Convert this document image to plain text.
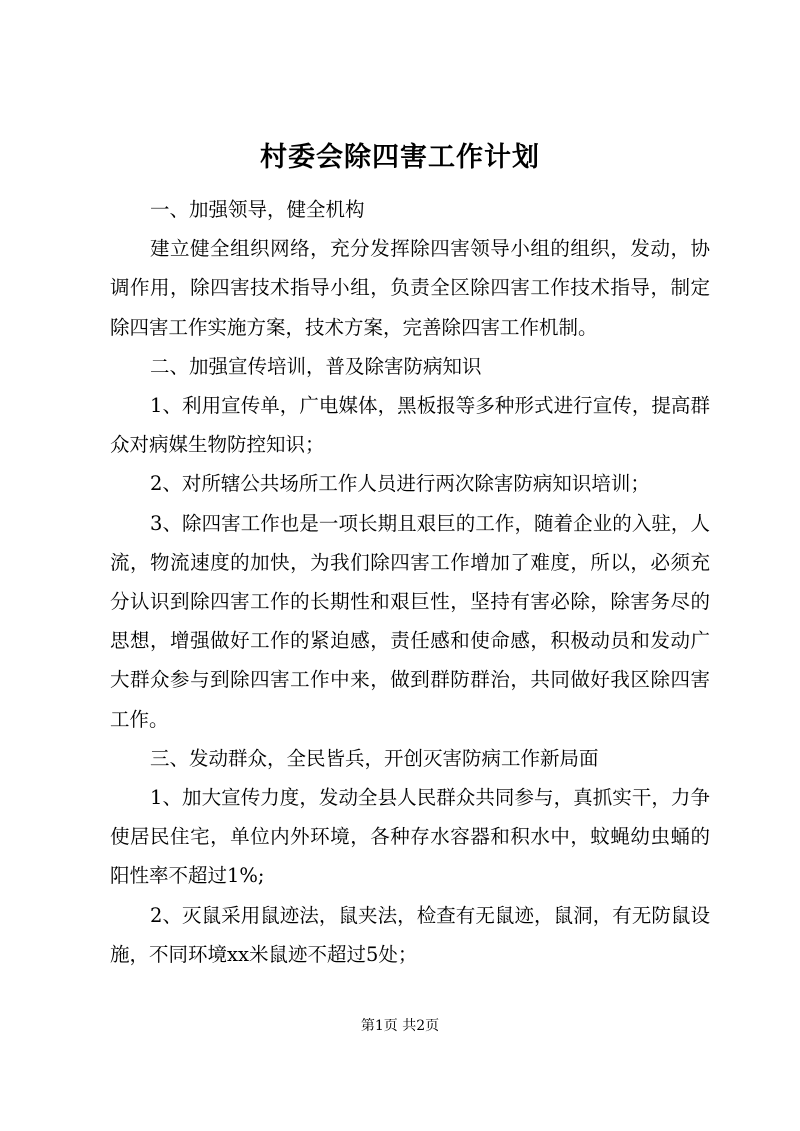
村委会除四害工作计划

一、加强领导，健全机构

建立健全组织网络，充分发挥除四害领导小组的组织，发动，协调作用，除四害技术指导小组，负责全区除四害工作技术指导，制定除四害工作实施方案，技术方案，完善除四害工作机制。

二、加强宣传培训，普及除害防病知识

1、利用宣传单，广电媒体，黑板报等多种形式进行宣传，提高群众对病媒生物防控知识；

2、对所辖公共场所工作人员进行两次除害防病知识培训；

3、除四害工作也是一项长期且艰巨的工作，随着企业的入驻，人流，物流速度的加快，为我们除四害工作增加了难度，所以，必须充分认识到除四害工作的长期性和艰巨性，坚持有害必除，除害务尽的思想，增强做好工作的紧迫感，责任感和使命感，积极动员和发动广大群众参与到除四害工作中来，做到群防群治，共同做好我区除四害工作。

三、发动群众，全民皆兵，开创灭害防病工作新局面

1、加大宣传力度，发动全县人民群众共同参与，真抓实干，力争使居民住宅，单位内外环境，各种存水容器和积水中，蚊蝇幼虫蛹的阳性率不超过1%;

2、灭鼠采用鼠迹法，鼠夹法，检查有无鼠迹，鼠洞，有无防鼠设施，不同环境xx米鼠迹不超过5处；

第1页 共2页
